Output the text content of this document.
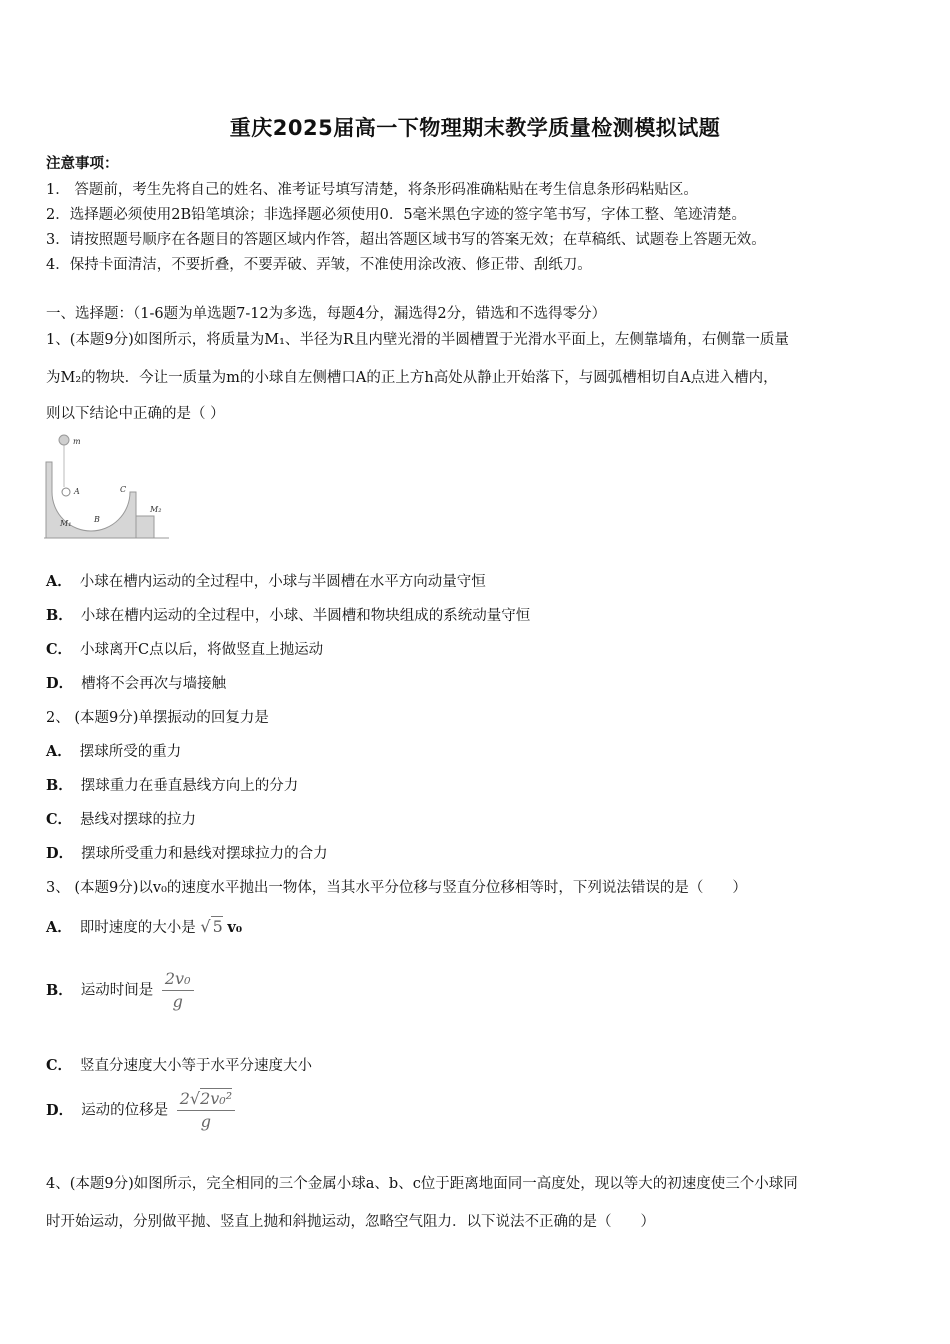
重庆2025届高一下物理期末教学质量检测模拟试题
注意事项：
1． 答题前，考生先将自己的姓名、准考证号填写清楚，将条形码准确粘贴在考生信息条形码粘贴区。
2．选择题必须使用2B铅笔填涂；非选择题必须使用0．5毫米黑色字迹的签字笔书写，字体工整、笔迹清楚。
3．请按照题号顺序在各题目的答题区域内作答，超出答题区域书写的答案无效；在草稿纸、试题卷上答题无效。
4．保持卡面清洁，不要折叠，不要弄破、弄皱，不准使用涂改液、修正带、刮纸刀。
一、选择题：（1-6题为单选题7-12为多选，每题4分，漏选得2分，错选和不选得零分）
1、(本题9分)如图所示，将质量为M₁、半径为R且内壁光滑的半圆槽置于光滑水平面上，左侧靠墙角，右侧靠一质量
为M₂的物块．今让一质量为m的小球自左侧槽口A的正上方h高处从静止开始落下，与圆弧槽相切自A点进入槽内，
则以下结论中正确的是（ ）
m
A
B
C
M₁
M₂
A． 小球在槽内运动的全过程中，小球与半圆槽在水平方向动量守恒
B． 小球在槽内运动的全过程中，小球、半圆槽和物块组成的系统动量守恒
C． 小球离开C点以后，将做竖直上抛运动
D． 槽将不会再次与墙接触
2、 (本题9分)单摆振动的回复力是
A． 摆球所受的重力
B． 摆球重力在垂直悬线方向上的分力
C． 悬线对摆球的拉力
D． 摆球所受重力和悬线对摆球拉力的合力
3、 (本题9分)以v₀的速度水平抛出一物体，当其水平分位移与竖直分位移相等时，下列说法错误的是（　　）
A． 即时速度的大小是 √ 5 v₀
B． 运动时间是 $\frac{\text{2v₀}}{g}$
C． 竖直分速度大小等于水平分速度大小
D． 运动的位移是 $\frac{\text{2√2v₀²}}{g}$
4、(本题9分)如图所示，完全相同的三个金属小球a、b、c位于距离地面同一高度处，现以等大的初速度使三个小球同
时开始运动，分别做平抛、竖直上抛和斜抛运动，忽略空气阻力．以下说法不正确的是（　　）
